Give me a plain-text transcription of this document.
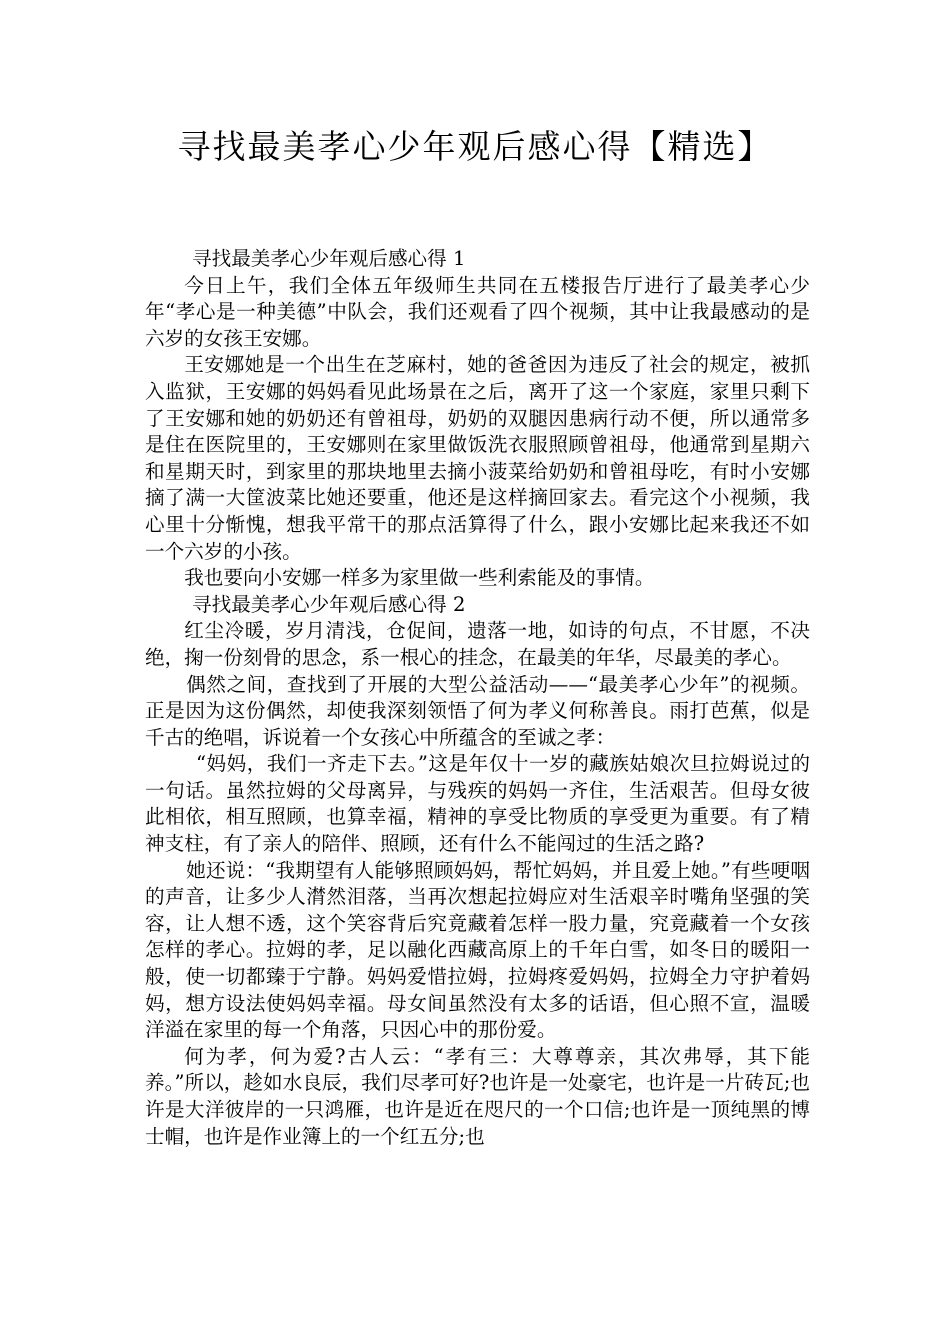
寻找最美孝心少年观后感心得【精选】

寻找最美孝心少年观后感心得 1

今日上午，我们全体五年级师生共同在五楼报告厅进行了最美孝心少年“孝心是一种美德”中队会，我们还观看了四个视频，其中让我最感动的是六岁的女孩王安娜。

王安娜她是一个出生在芝麻村，她的爸爸因为违反了社会的规定，被抓入监狱，王安娜的妈妈看见此场景在之后，离开了这一个家庭，家里只剩下了王安娜和她的奶奶还有曾祖母，奶奶的双腿因患病行动不便，所以通常多是住在医院里的，王安娜则在家里做饭洗衣服照顾曾祖母，他通常到星期六和星期天时，到家里的那块地里去摘小菠菜给奶奶和曾祖母吃，有时小安娜摘了满一大筐波菜比她还要重，他还是这样摘回家去。看完这个小视频，我心里十分惭愧，想我平常干的那点活算得了什么，跟小安娜比起来我还不如一个六岁的小孩。

我也要向小安娜一样多为家里做一些利索能及的事情。

寻找最美孝心少年观后感心得 2

红尘冷暖，岁月清浅，仓促间，遗落一地，如诗的句点，不甘愿，不决绝，掬一份刻骨的思念，系一根心的挂念，在最美的年华，尽最美的孝心。

偶然之间，查找到了开展的大型公益活动——“最美孝心少年”的视频。正是因为这份偶然，却使我深刻领悟了何为孝义何称善良。雨打芭蕉，似是千古的绝唱，诉说着一个女孩心中所蕴含的至诚之孝：

“妈妈，我们一齐走下去。”这是年仅十一岁的藏族姑娘次旦拉姆说过的一句话。虽然拉姆的父母离异，与残疾的妈妈一齐住，生活艰苦。但母女彼此相依，相互照顾，也算幸福，精神的享受比物质的享受更为重要。有了精神支柱，有了亲人的陪伴、照顾，还有什么不能闯过的生活之路?

她还说：“我期望有人能够照顾妈妈，帮忙妈妈，并且爱上她。”有些哽咽的声音，让多少人潸然泪落，当再次想起拉姆应对生活艰辛时嘴角坚强的笑容，让人想不透，这个笑容背后究竟藏着怎样一股力量，究竟藏着一个女孩怎样的孝心。拉姆的孝，足以融化西藏高原上的千年白雪，如冬日的暖阳一般，使一切都臻于宁静。妈妈爱惜拉姆，拉姆疼爱妈妈，拉姆全力守护着妈妈，想方设法使妈妈幸福。母女间虽然没有太多的话语，但心照不宣，温暖洋溢在家里的每一个角落，只因心中的那份爱。

何为孝，何为爱?古人云：“孝有三：大尊尊亲，其次弗辱，其下能养。”所以，趁如水良辰，我们尽孝可好?也许是一处豪宅，也许是一片砖瓦;也许是大洋彼岸的一只鸿雁，也许是近在咫尺的一个口信;也许是一顶纯黑的博士帽，也许是作业簿上的一个红五分;也
